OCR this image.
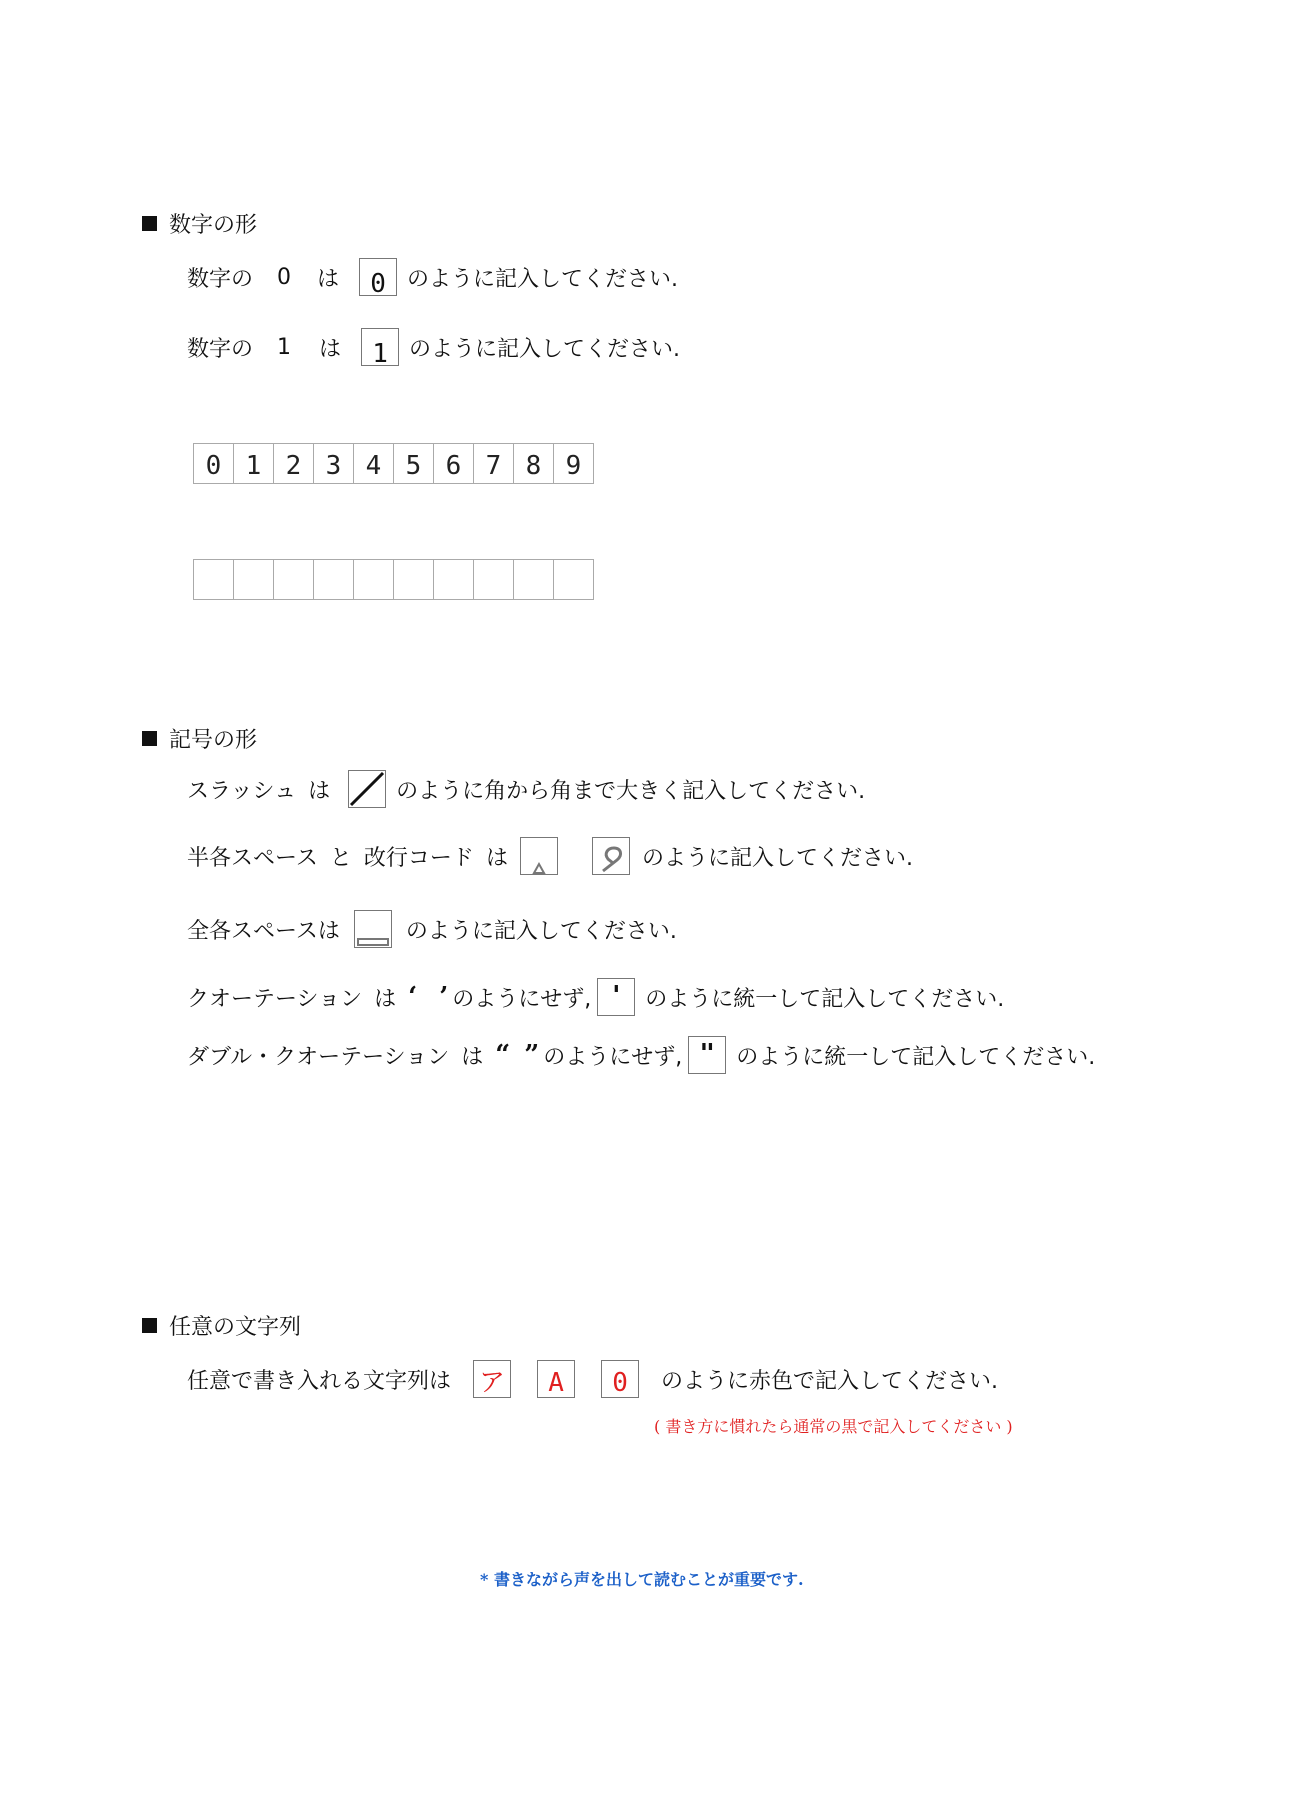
数字の形
数字の 0 は	0 のように記入してください.
数字の 1 は	1 のように記入してください.
0 1 2 3 4 5 6 7 8 9
記号の形
スラッシュ は	のように角から角まで大きく記入してください.
半各スペース と 改行コード は	のように記入してください.
全各スペースは	のように記入してください.
クオーテーション は ‘ ’ のようにせず, ' のように統一して記入してください.
ダブル・クオーテーション は “ ” のようにせず, " のように統一して記入してください.
任意の文字列
任意で書き入れる文字列は ア	A	0	のように赤色で記入してください.
( 書き方に慣れたら通常の黒で記入してください )
* 書きながら声を出して読むことが重要です.
